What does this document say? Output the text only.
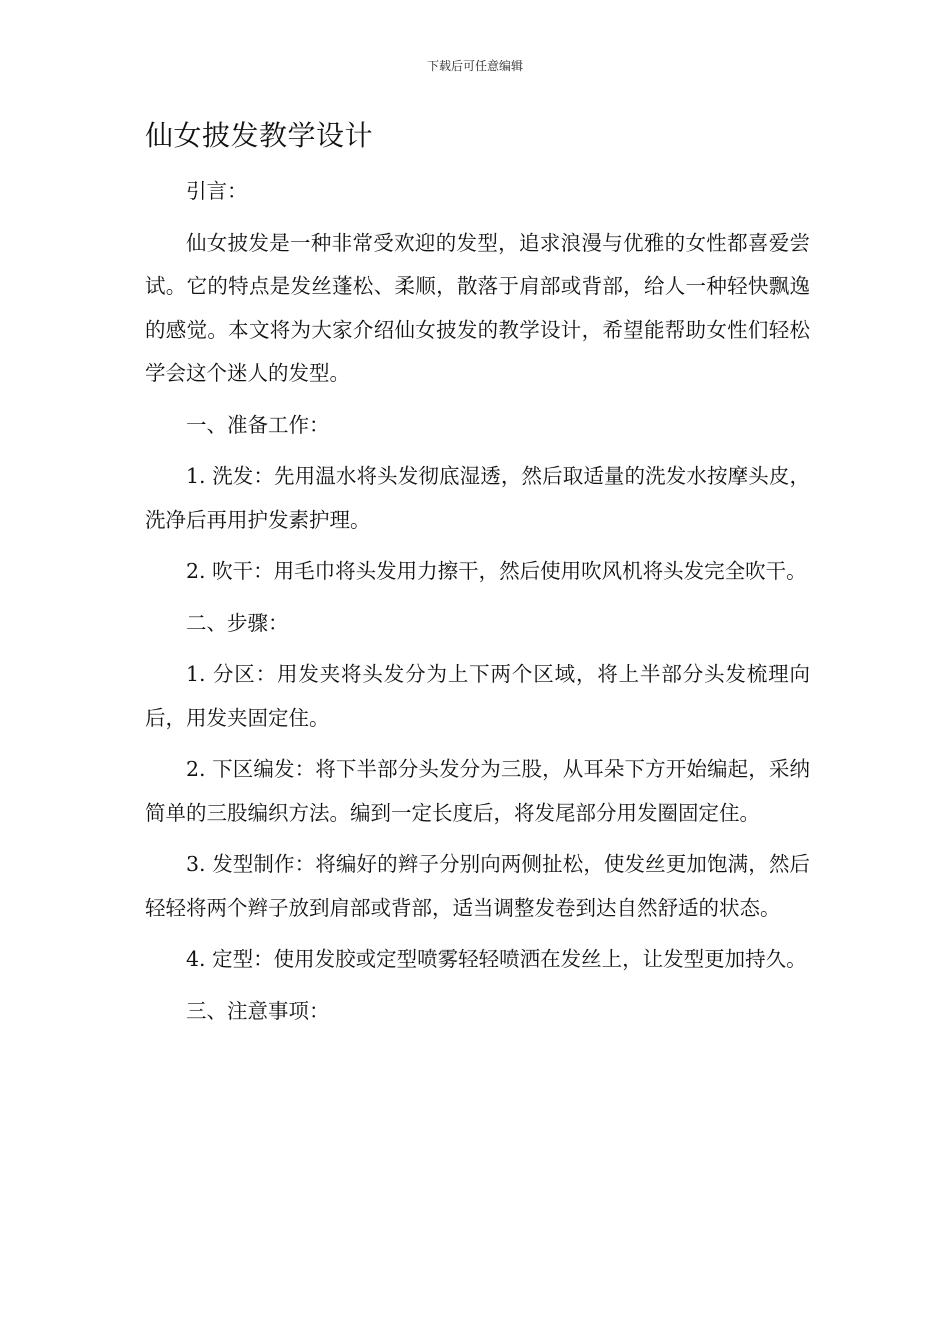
下载后可任意编辑
仙女披发教学设计

引言：

仙女披发是一种非常受欢迎的发型，追求浪漫与优雅的女性都喜爱尝试。它的特点是发丝蓬松、柔顺，散落于肩部或背部，给人一种轻快飘逸的感觉。本文将为大家介绍仙女披发的教学设计，希望能帮助女性们轻松学会这个迷人的发型。

一、准备工作：

1. 洗发：先用温水将头发彻底湿透，然后取适量的洗发水按摩头皮，洗净后再用护发素护理。

2. 吹干：用毛巾将头发用力擦干，然后使用吹风机将头发完全吹干。

二、步骤：

1. 分区：用发夹将头发分为上下两个区域，将上半部分头发梳理向后，用发夹固定住。

2. 下区编发：将下半部分头发分为三股，从耳朵下方开始编起，采纳简单的三股编织方法。编到一定长度后，将发尾部分用发圈固定住。

3. 发型制作：将编好的辫子分别向两侧扯松，使发丝更加饱满，然后轻轻将两个辫子放到肩部或背部，适当调整发卷到达自然舒适的状态。

4. 定型：使用发胶或定型喷雾轻轻喷洒在发丝上，让发型更加持久。

三、注意事项：
